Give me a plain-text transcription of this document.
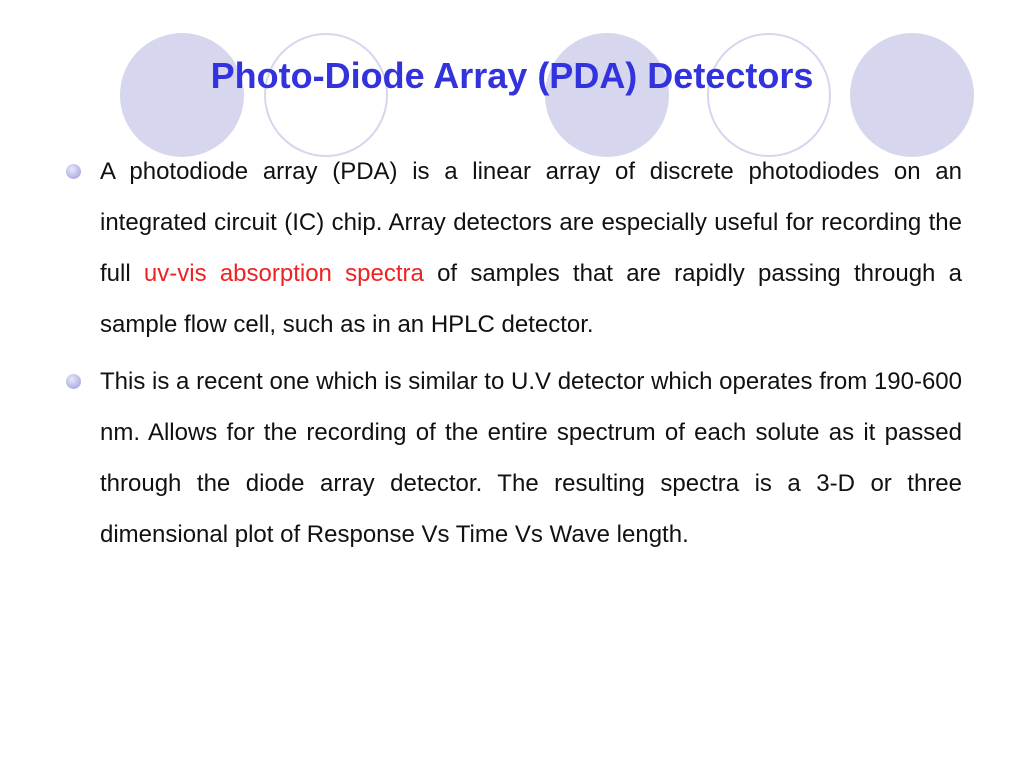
Photo-Diode Array (PDA) Detectors
A photodiode array (PDA) is a linear array of discrete photodiodes on an integrated circuit (IC) chip. Array detectors are especially useful for recording the full uv-vis absorption spectra of samples that are rapidly passing through a sample flow cell, such as in an HPLC detector.
This is a recent one which is similar to U.V detector which operates from 190-600 nm. Allows for the recording of the entire spectrum of each solute as it passed through the diode array detector. The resulting spectra is a 3-D or three dimensional plot of Response Vs Time Vs Wave length.
